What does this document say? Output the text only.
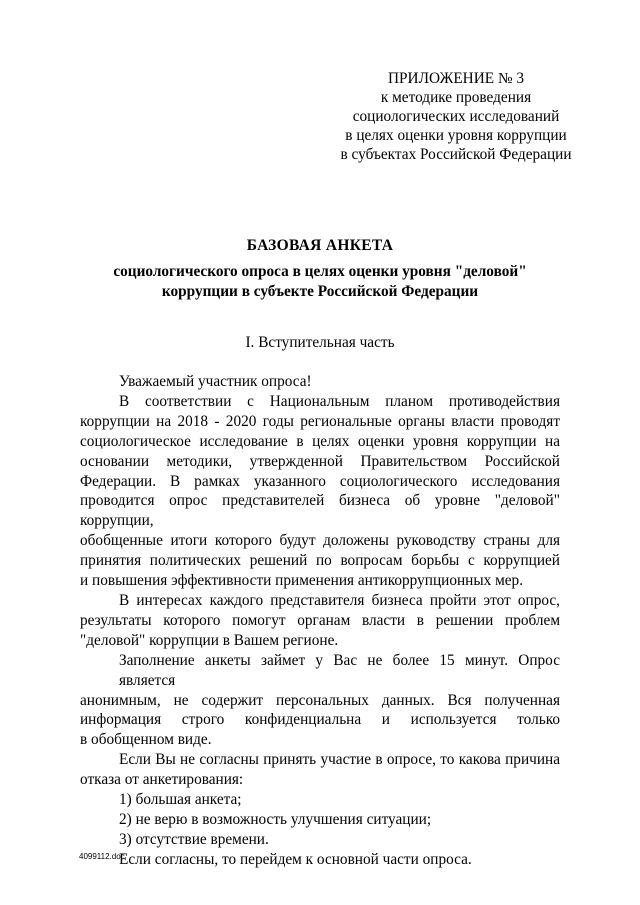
ПРИЛОЖЕНИЕ № 3
к методике проведения
социологических исследований
в целях оценки уровня коррупции
в субъектах Российской Федерации
БАЗОВАЯ АНКЕТА
социологического опроса в целях оценки уровня "деловой"
коррупции в субъекте Российской Федерации
I. Вступительная часть
Уважаемый участник опроса!
В соответствии с Национальным планом противодействия
коррупции на 2018 - 2020 годы региональные органы власти проводят
социологическое исследование в целях оценки уровня коррупции на
основании методики, утвержденной Правительством Российской
Федерации. В рамках указанного социологического исследования
проводится опрос представителей бизнеса об уровне "деловой" коррупции,
обобщенные итоги которого будут доложены руководству страны для
принятия политических решений по вопросам борьбы с коррупцией
и повышения эффективности применения антикоррупционных мер.
В интересах каждого представителя бизнеса пройти этот опрос,
результаты которого помогут органам власти в решении проблем
"деловой" коррупции в Вашем регионе.
Заполнение анкеты займет у Вас не более 15 минут. Опрос является
анонимным, не содержит персональных данных. Вся полученная
информация строго конфиденциальна и используется только
в обобщенном виде.
Если Вы не согласны принять участие в опросе, то какова причина
отказа от анкетирования:
1) большая анкета;
2) не верю в возможность улучшения ситуации;
3) отсутствие времени.
Если согласны, то перейдем к основной части опроса.
4099112.doc
